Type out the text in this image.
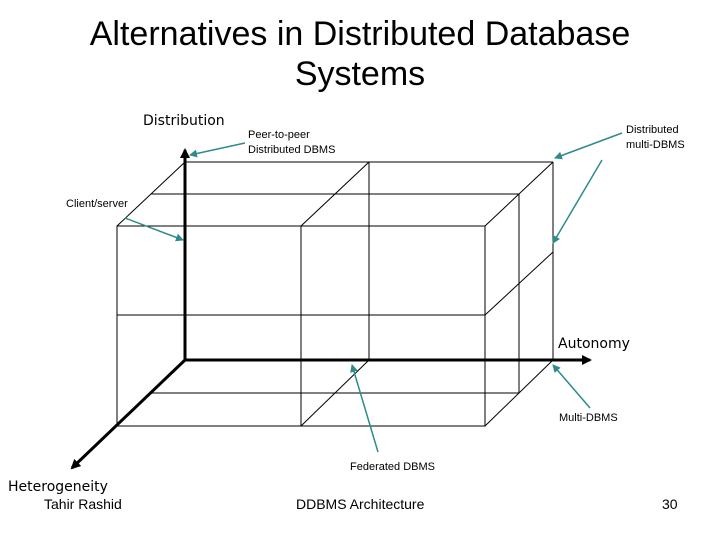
Alternatives in Distributed Database
Systems
Distribution
Autonomy
Heterogeneity
Peer-to-peer
Distributed DBMS
Distributed
multi-DBMS
Client/server
Multi-DBMS
Federated DBMS
Tahir Rashid	DDBMS Architecture	30
